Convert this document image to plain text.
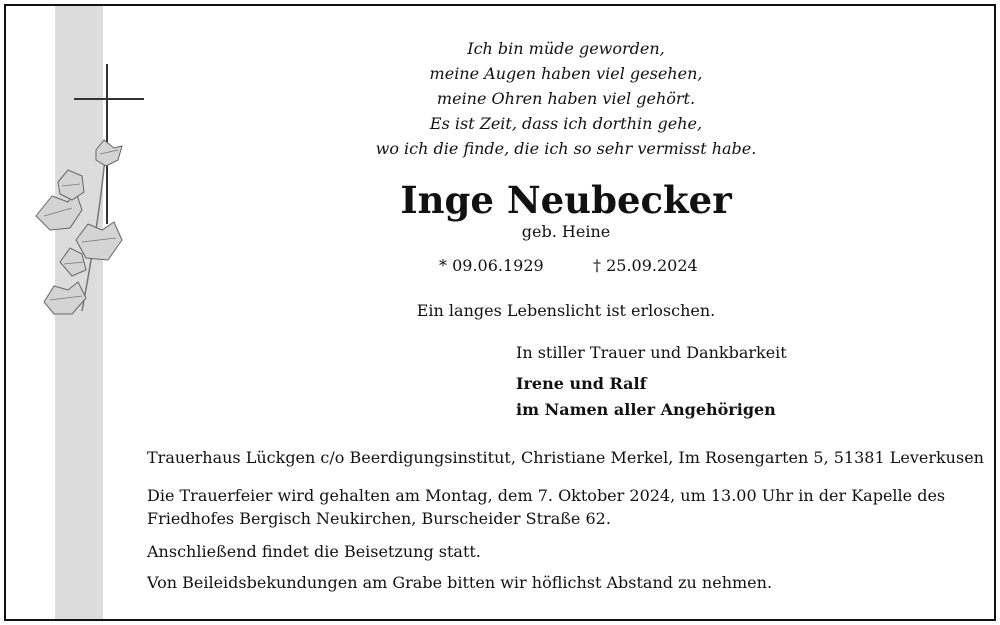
Ich bin müde geworden,
meine Augen haben viel gesehen,
meine Ohren haben viel gehört.
Es ist Zeit, dass ich dorthin gehe,
wo ich die finde, die ich so sehr vermisst habe.
Inge Neubecker
geb. Heine
* 09.06.1929	† 25.09.2024
Ein langes Lebenslicht ist erloschen.
In stiller Trauer und Dankbarkeit
Irene und Ralf
im Namen aller Angehörigen
Trauerhaus Lückgen c/o Beerdigungsinstitut, Christiane Merkel, Im Rosengarten 5, 51381 Leverkusen
Die Trauerfeier wird gehalten am Montag, dem 7. Oktober 2024, um 13.00 Uhr in der Kapelle des Friedhofes Bergisch Neukirchen, Burscheider Straße 62.
Anschließend findet die Beisetzung statt.
Von Beileidsbekundungen am Grabe bitten wir höflichst Abstand zu nehmen.
